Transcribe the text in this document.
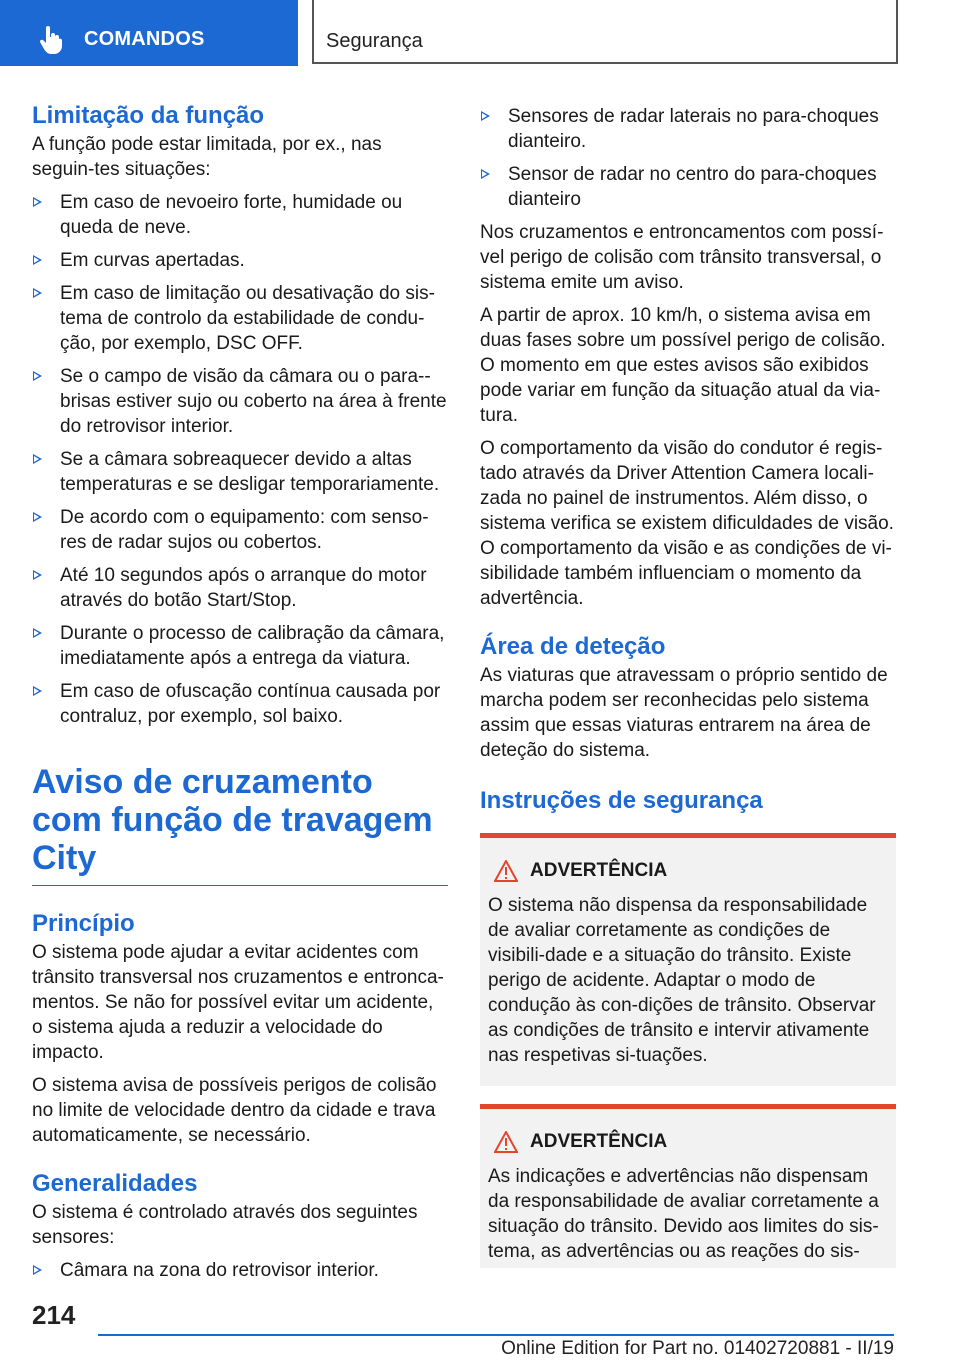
COMANDOS	Segurança
Limitação da função

A função pode estar limitada, por ex., nas seguin-tes situações:

Em caso de nevoeiro forte, humidade ou queda de neve.
Em curvas apertadas.
Em caso de limitação ou desativação do sis-tema de controlo da estabilidade de condu-ção, por exemplo, DSC OFF.
Se o campo de visão da câmara ou o para--brisas estiver sujo ou coberto na área à frente do retrovisor interior.
Se a câmara sobreaquecer devido a altas temperaturas e se desligar temporariamente.
De acordo com o equipamento: com senso-res de radar sujos ou cobertos.
Até 10 segundos após o arranque do motor através do botão Start/Stop.
Durante o processo de calibração da câmara, imediatamente após a entrega da viatura.
Em caso de ofuscação contínua causada por contraluz, por exemplo, sol baixo.
Aviso de cruzamento com função de travagem City
Princípio

O sistema pode ajudar a evitar acidentes com trânsito transversal nos cruzamentos e entronca-mentos. Se não for possível evitar um acidente, o sistema ajuda a reduzir a velocidade do impacto.

O sistema avisa de possíveis perigos de colisão no limite de velocidade dentro da cidade e trava automaticamente, se necessário.

Generalidades

O sistema é controlado através dos seguintes sensores:

Câmara na zona do retrovisor interior.
Sensores de radar laterais no para-choques dianteiro.
Sensor de radar no centro do para-choques dianteiro

Nos cruzamentos e entroncamentos com possí-vel perigo de colisão com trânsito transversal, o sistema emite um aviso.

A partir de aprox. 10 km/h, o sistema avisa em duas fases sobre um possível perigo de colisão. O momento em que estes avisos são exibidos pode variar em função da situação atual da via-tura.

O comportamento da visão do condutor é regis-tado através da Driver Attention Camera locali-zada no painel de instrumentos. Além disso, o sistema verifica se existem dificuldades de visão. O comportamento da visão e as condições de vi-sibilidade também influenciam o momento da advertência.

Área de deteção

As viaturas que atravessam o próprio sentido de marcha podem ser reconhecidas pelo sistema assim que essas viaturas entrarem na área de deteção do sistema.

Instruções de segurança
ADVERTÊNCIA

O sistema não dispensa da responsabilidade de avaliar corretamente as condições de visibili-dade e a situação do trânsito. Existe perigo de acidente. Adaptar o modo de condução às con-dições de trânsito. Observar as condições de trânsito e intervir ativamente nas respetivas si-tuações.

ADVERTÊNCIA

As indicações e advertências não dispensam da responsabilidade de avaliar corretamente a situação do trânsito. Devido aos limites do sis-tema, as advertências ou as reações do sis-

214
Online Edition for Part no. 01402720881 - II/19
